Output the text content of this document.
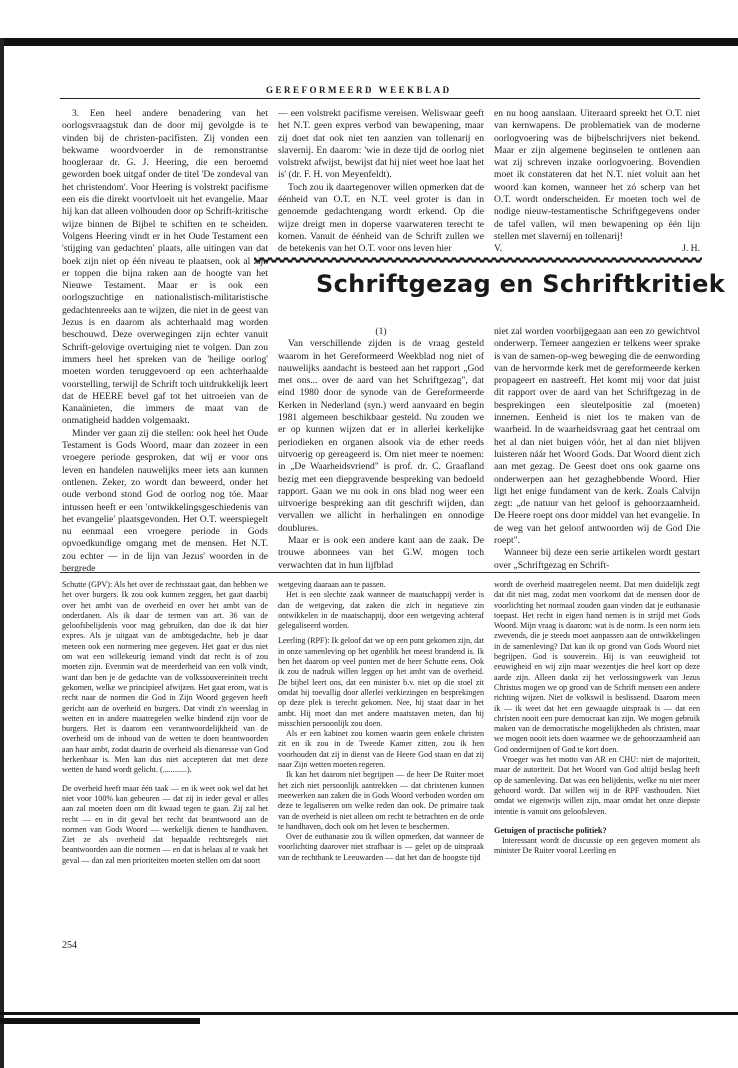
GEREFORMEERD WEEKBLAD

3. Een heel andere benadering van het oorlogsvraagstuk dan de door mij gevolgde is te vinden bij de christen-pacifisten. Zij vonden een bekwame woordvoerder in de remonstrantse hoogleraar dr. G. J. Heering, die een beroemd geworden boek uitgaf onder de titel 'De zondeval van het christendom'. Voor Heering is volstrekt pacifisme een eis die direkt voortvloeit uit het evangelie. Maar hij kan dat alleen volhouden door op Schrift-kritische wijze binnen de Bijbel te schiften en te scheiden. Volgens Heering vindt er in het Oude Testament een 'stijging van gedachten' plaats, alle uitingen van dat boek zijn niet op één niveau te plaatsen, ook al zijn er toppen die bijna raken aan de hoogte van het Nieuwe Testament. Maar er is ook een oorlogszuchtige en nationalistisch-militaristische gedachtenreeks aan te wijzen, die niet in de geest van Jezus is en daarom als achterhaald mag worden beschouwd. Deze overwegingen zijn echter vanuit Schrift-gelovige overtuiging niet te volgen. Dan zou immers heel het spreken van de 'heilige oorlog' moeten worden teruggevoerd op een achterhaalde voorstelling, terwijl de Schrift toch uitdrukkelijk leert dat de HEERE bevel gaf tot het uitroeien van de Kanaänieten, die immers de maat van de onmatigheid hadden volgemaakt.

Minder ver gaan zij die stellen: ook heel het Oude Testament is Gods Woord, maar dan zozeer in een vroegere periode gesproken, dat wij er voor ons leven en handelen nauwelijks meer iets aan kunnen ontlenen. Zeker, zo wordt dan beweerd, onder het oude verbond stond God de oorlog nog tóe. Maar intussen heeft er een 'ontwikkelingsgeschiedenis van het evangelie' plaatsgevonden. Het O.T. weerspiegelt nu eenmaal een vroegere periode in Gods opvoedkundige omgang met de mensen. Het N.T. zou echter — in de lijn van Jezus' woorden in de bergrede

— een volstrekt pacifisme vereisen. Weliswaar geeft het N.T. geen expres verbod van bewapening, maar zij doet dat ook niet ten aanzien van tollenarij en slavernij. En daarom: 'wie in deze tijd de oorlog niet volstrekt afwijst, bewijst dat hij niet weet hoe laat het is' (dr. F. H. von Meyenfeldt).

Toch zou ik daartegenover willen opmerken dat de éénheid van O.T. en N.T. veel groter is dan in genoemde gedachtengang wordt erkend. Op die wijze dreigt men in doperse vaarwateren terecht te komen. Vanuit de éénheid van de Schrift zullen we de betekenis van het O.T. voor ons leven hier

en nu hoog aanslaan. Uiteraard spreekt het O.T. niet van kernwapens. De problematiek van de moderne oorlogvoering was de bijbelschrijvers niet bekend. Maar er zijn algemene beginselen te ontlenen aan wat zij schreven inzake oorlogvoering. Bovendien moet ik constateren dat het N.T. niet voluit aan het woord kan komen, wanneer het zó scherp van het O.T. wordt onderscheiden. Er moeten toch wel de nodige nieuw-testamentische Schriftgegevens onder de tafel vallen, wil men bewapening op één lijn stellen met slavernij en tollenarij!

V.	J. H.
Schriftgezag en Schriftkritiek

(1)

Van verschillende zijden is de vraag gesteld waarom in het Gereformeerd Weekblad nog niet of nauwelijks aandacht is besteed aan het rapport „God met ons... over de aard van het Schriftgezag", dat eind 1980 door de synode van de Gereformeerde Kerken in Nederland (syn.) werd aanvaard en begin 1981 algemeen beschikbaar gesteld. Nu zouden we er op kunnen wijzen dat er in allerlei kerkelijke periodieken en organen alsook via de ether reeds uitvoerig op gereageerd is. Om niet meer te noemen: in „De Waarheidsvriend" is prof. dr. C. Graafland bezig met een diepgravende bespreking van bedoeld rapport. Gaan we nu ook in ons blad nog weer een uitvoerige bespreking aan dit geschrift wijden, dan vervallen we allicht in herhalingen en onnodige doublures.

Maar er is ook een andere kant aan de zaak. De trouwe abonnees van het G.W. mogen toch verwachten dat in hun lijfblad

niet zal worden voorbijgegaan aan een zo gewichtvol onderwerp. Temeer aangezien er telkens weer sprake is van de samen-op-weg beweging die de eenwording van de hervormde kerk met de gereformeerde kerken propageert en nastreeft. Het komt mij voor dat juist dit rapport over de aard van het Schriftgezag in de besprekingen een sleutelpositie zal (moeten) innemen. Eenheid is niet los te maken van de waarheid. In de waarheidsvraag gaat het centraal om het al dan niet buigen vóór, het al dan niet blijven luisteren náár het Woord Gods. Dat Woord dient zich aan met gezag. De Geest doet ons ook gaarne ons onderwerpen aan het gezaghebbende Woord. Hier ligt het enige fundament van de kerk. Zoals Calvijn zegt: „de natuur van het geloof is gehoorzaamheid. De Heere roept ons door middel van het evangelie. In de weg van het geloof antwoorden wij de God Die roept".

Wanneer bij deze een serie artikelen wordt gestart over „Schriftgezag en Schrift-

Schutte (GPV): Als het over de rechtsstaat gaat, dan hebben we het over burgers. Ik zou ook kunnen zeggen, het gaat daarbij over het ambt van de overheid en over het ambt van de onderdanen. Als ik daar de termen van art. 36 van de geloofsbelijdenis voor mag gebruiken, dan doe ik dat hier expres. Als je uitgaat van de ambtsgedachte, heb je daar meteen ook een normering mee gegeven. Het gaat er dus niet om wat een willekeurig iemand vindt dat recht is of zou moeten zijn. Evenmin wat de meerderheid van een volk vindt, want dan ben je de gedachte van de volkssouvereiniteit trecht gekomen, welke we principieel afwijzen. Het gaat erom, wat is recht naar de normen die God in Zijn Woord gegeven heeft gericht aan de overheid en burgers. Dat vindt z'n weerslag in wetten en in andere maatregelen welke bindend zijn voor de burgers. Het is daarom een verantwoordelijkheid van de overheid om de inhoud van de wetten te doen beantwoorden aan haar ambt, zodat daarin de overheid als dienaresse van God herkenbaar is. Men kan dus niet accepteren dat met deze wetten de hand wordt gelicht. (............).

De overheid heeft maar één taak — en ik weet ook wel dat het niet voor 100% kan gebeuren — dat zij in ieder geval er alles aan zal moeten doen om dit kwaad tegen te gaan. Zij zal het recht — en in dit geval het recht dat beantwoord aan de normen van Gods Woord — werkelijk dienen te handhaven. Ziet ze als overheid dat bepaalde rechtsregels niet beantwoorden aan die normen — en dat is helaas al te vaak het geval — dan zal men prioriteiten moeten stellen om dat soort

wetgeving daaraan aan te passen.

Het is een slechte zaak wanneer de maatschappij verder is dan de wetgeving, dat zaken die zich in negatieve zin ontwikkelen in de maatschappij, door een wetgeving achteraf gelegaliseerd worden.

Leerling (RPF): Ik geloof dat we op een punt gekomen zijn, dat in onze samenleving op het ogenblik het meest brandend is. Ik ben het daarom op veel punten met de heer Schutte eens. Ook ik zou de nadruk willen leggen op het ambt van de overheid. De bijbel leert ons, dat een minister b.v. niet op die stoel zit omdat hij toevallig door allerlei verkiezingen en besprekingen op deze plek is terecht gekomen. Nee, hij staat daar in het ambt. Hij moet dan met andere maatstaven meten, dan hij misschien persoonlijk zou doen.

Als er een kabinet zou komen waarin geen enkele christen zit en ik zou in de Tweede Kamer zitten, zou ik hen voorhouden dat zij in dienst van de Heere God staan en dat zij naar Zijn wetten moeten regeren.

Ik kan het daarom niet begrijpen — de heer De Ruiter moet het zich niet persoonlijk aantrekken — dat christenen kunnen meewerken aan zaken die in Gods Woord verboden worden om deze te legaliseren om welke reden dan ook. De primaire taak van de overheid is niet alleen om recht te betrachten en de orde te handhaven, doch ook om het leven te beschermen.

Over de euthanasie zou ik willen opmerken, dat wanneer de voorlichting daarover niet strafbaar is — gelet op de uitspraak van de rechtbank te Leeuwarden — dat het dan de hoogste tijd

wordt de overheid maatregelen neemt. Dat men duidelijk zegt dat dit niet mag, zodat men voorkomt dat de mensen door de voorlichting het normaal zouden gaan vinden dat je euthanasie toepast. Het recht in eigen hand nemen is in strijd met Gods Woord. Mijn vraag is daarom: wat is de norm. Is een norm iets zwevends, die je steeds moet aanpassen aan de ontwikkelingen in de samenleving? Dat kan ik op grond van Gods Woord niet begrijpen. God is souverein. Hij is van eeuwigheid tot eeuwigheid en wij zijn maar wezentjes die heel kort op deze aarde zijn. Alleen dankt zij het verlossingswerk van Jezus Christus mogen we op grond van de Schrift mensen een andere richting wijzen. Niet de volkswil is beslissend. Daarom meen ik — ik weet dat het een gewaagde uitspraak is — dat een christen nooit een pure democraat kan zijn. We mogen gebruik maken van de democratische mogelijkheden als christen, maar we mogen nooit iets doen waarmee we de gehoorzaamheid aan God ondermijnen of God te kort doen.

Vroeger was het motto van AR en CHU: niet de majoriteit, maar de autoriteit. Dat het Woord van God altijd beslag heeft op de samenleving. Dat was een belijdenis, welke nu niet meer gehoord wordt. Dat willen wij in de RPF vasthouden. Niet omdat we eigenwijs willen zijn, maar omdat het onze diepste intentie is vanuit ons geloofsleven.

Getuigen of practische politiek?

Interessant wordt de discussie op een gegeven moment als minister De Ruiter vooral Leerling en

254
